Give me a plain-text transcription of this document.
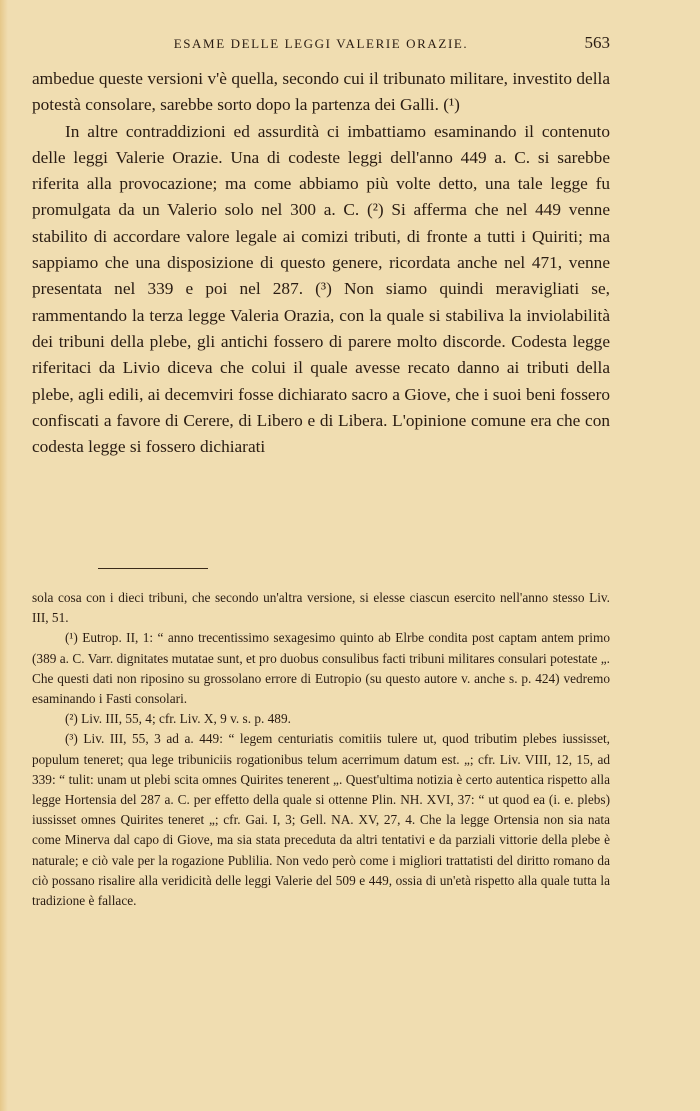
ESAME DELLE LEGGI VALERIE ORAZIE.	563

ambedue queste versioni v'è quella, secondo cui il tribunato militare, investito della potestà consolare, sarebbe sorto dopo la partenza dei Galli. (¹)

In altre contraddizioni ed assurdità ci imbattiamo esaminando il contenuto delle leggi Valerie Orazie. Una di codeste leggi dell'anno 449 a. C. si sarebbe riferita alla provocazione; ma come abbiamo più volte detto, una tale legge fu promulgata da un Valerio solo nel 300 a. C. (²) Si afferma che nel 449 venne stabilito di accordare valore legale ai comizi tributi, di fronte a tutti i Quiriti; ma sappiamo che una disposizione di questo genere, ricordata anche nel 471, venne presentata nel 339 e poi nel 287. (³) Non siamo quindi meravigliati se, rammentando la terza legge Valeria Orazia, con la quale si stabiliva la inviolabilità dei tribuni della plebe, gli antichi fossero di parere molto discorde. Codesta legge riferitaci da Livio diceva che colui il quale avesse recato danno ai tributi della plebe, agli edili, ai decemviri fosse dichiarato sacro a Giove, che i suoi beni fossero confiscati a favore di Cerere, di Libero e di Libera. L'opinione comune era che con codesta legge si fossero dichiarati

sola cosa con i dieci tribuni, che secondo un'altra versione, si elesse ciascun esercito nell'anno stesso Liv. III, 51.

(¹) Eutrop. II, 1: “ anno trecentissimo sexagesimo quinto ab Elrbe condita post captam antem primo (389 a. C. Varr. dignitates mutatae sunt, et pro duobus consulibus facti tribuni militares consulari potestate „. Che questi dati non riposino su grossolano errore di Eutropio (su questo autore v. anche s. p. 424) vedremo esaminando i Fasti consolari.

(²) Liv. III, 55, 4; cfr. Liv. X, 9 v. s. p. 489.

(³) Liv. III, 55, 3 ad a. 449: “ legem centuriatis comitiis tulere ut, quod tributim plebes iussisset, populum teneret; qua lege tribuniciis rogationibus telum acerrimum datum est. „; cfr. Liv. VIII, 12, 15, ad 339: “ tulit: unam ut plebi scita omnes Quirites tenerent „. Quest'ultima notizia è certo autentica rispetto alla legge Hortensia del 287 a. C. per effetto della quale si ottenne Plin. NH. XVI, 37: “ ut quod ea (i. e. plebs) iussisset omnes Quirites teneret „; cfr. Gai. I, 3; Gell. NA. XV, 27, 4. Che la legge Ortensia non sia nata come Minerva dal capo di Giove, ma sia stata preceduta da altri tentativi e da parziali vittorie della plebe è naturale; e ciò vale per la rogazione Publilia. Non vedo però come i migliori trattatisti del diritto romano da ciò possano risalire alla veridicità delle leggi Valerie del 509 e 449, ossia di un'età rispetto alla quale tutta la tradizione è fallace.
